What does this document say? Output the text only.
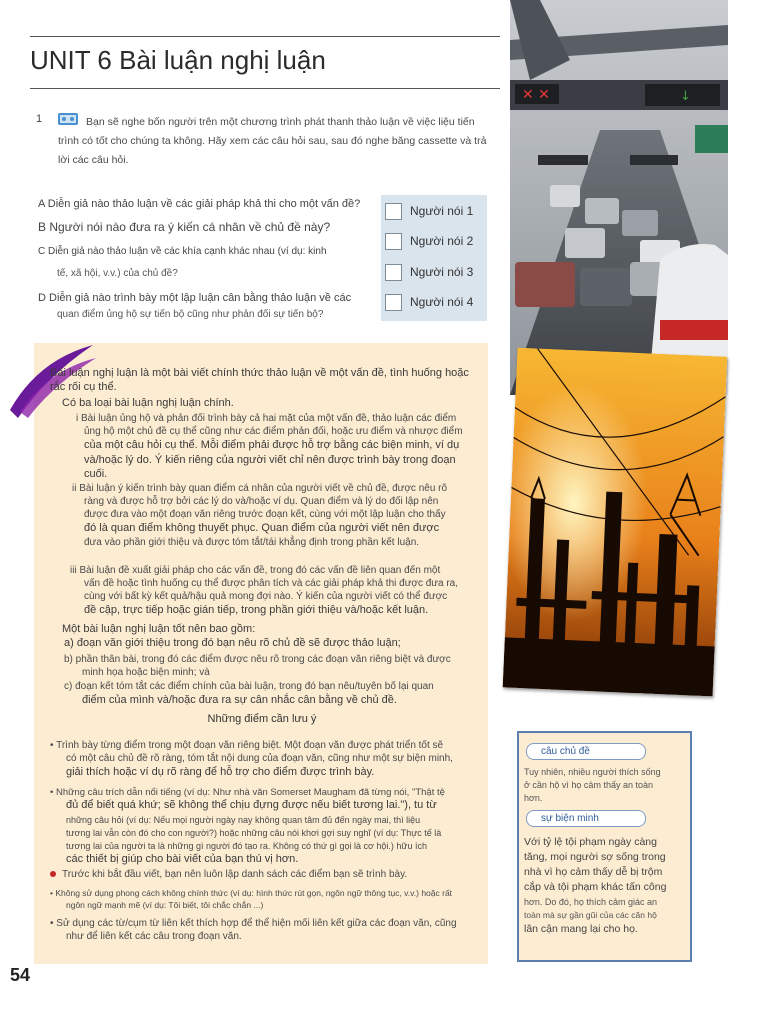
UNIT 6 Bài luận nghị luận
1	Bạn sẽ nghe bốn người trên một chương trình phát thanh thảo luận về việc liệu tiến trình có tốt cho chúng ta không. Hãy xem các câu hỏi sau, sau đó nghe băng cassette và trả lời các câu hỏi.

A Diễn giả nào thảo luận về các giải pháp khả thi cho một vấn đề?
B Người nói nào đưa ra ý kiến cá nhân về chủ đề này?
C Diễn giả nào thảo luận về các khía cạnh khác nhau (ví dụ: kinh
tế, xã hội, v.v.) của chủ đề?
D Diễn giả nào trình bày một lập luận cân bằng thảo luận về các
quan điểm ủng hộ sự tiến bộ cũng như phản đối sự tiến bộ?
Người nói 1
Người nói 2
Người nói 3
Người nói 4
✕ ✕	↓
Bài luận nghị luận là một bài viết chính thức thảo luận về một vấn đề, tình huống hoặc
rắc rối cụ thể.
Có ba loại bài luận nghị luận chính.
i Bài luận ủng hộ và phản đối trình bày cả hai mặt của một vấn đề, thảo luận các điểm
ủng hộ một chủ đề cụ thể cũng như các điểm phản đối, hoặc ưu điểm và nhược điểm
của một câu hỏi cụ thể. Mỗi điểm phải được hỗ trợ bằng các biện minh, ví dụ
và/hoặc lý do. Ý kiến riêng của người viết chỉ nên được trình bày trong đoạn
cuối.
ii Bài luận ý kiến trình bày quan điểm cá nhân của người viết về chủ đề, được nêu rõ
ràng và được hỗ trợ bởi các lý do và/hoặc ví dụ. Quan điểm và lý do đối lập nên
được đưa vào một đoạn văn riêng trước đoạn kết, cùng với một lập luận cho thấy
đó là quan điểm không thuyết phục. Quan điểm của người viết nên được
đưa vào phần giới thiệu và được tóm tắt/tái khẳng định trong phần kết luận.
iii Bài luận đề xuất giải pháp cho các vấn đề, trong đó các vấn đề liên quan đến một
vấn đề hoặc tình huống cụ thể được phân tích và các giải pháp khả thi được đưa ra,
cùng với bất kỳ kết quả/hậu quả mong đợi nào. Ý kiến của người viết có thể được
đề cập, trực tiếp hoặc gián tiếp, trong phần giới thiệu và/hoặc kết luận.
Một bài luận nghị luận tốt nên bao gồm:
a) đoạn văn giới thiệu trong đó bạn nêu rõ chủ đề sẽ được thảo luận;
b) phần thân bài, trong đó các điểm được nêu rõ trong các đoạn văn riêng biệt và được
minh họa hoặc biện minh; và
c) đoạn kết tóm tắt các điểm chính của bài luận, trong đó bạn nêu/tuyên bố lại quan
điểm của mình và/hoặc đưa ra sự cân nhắc cân bằng về chủ đề.
Những điểm cần lưu ý
• Trình bày từng điểm trong một đoạn văn riêng biệt. Một đoạn văn được phát triển tốt sẽ
có một câu chủ đề rõ ràng, tóm tắt nội dung của đoạn văn, cũng như một sự biện minh,
giải thích hoặc ví dụ rõ ràng để hỗ trợ cho điểm được trình bày.
• Những câu trích dẫn nổi tiếng (ví dụ: Như nhà văn Somerset Maugham đã từng nói, "Thật tệ
đủ để biết quá khứ; sẽ không thể chịu đựng được nếu biết tương lai."), tu từ
những câu hỏi (ví dụ: Nếu mọi người ngày nay không quan tâm đủ đến ngày mai, thì liệu
tương lai vẫn còn đó cho con người?) hoặc những câu nói khơi gợi suy nghĩ (ví dụ: Thực tế là
tương lai của người ta là những gì người đó tạo ra. Không có thứ gì gọi là cơ hội.) hữu ích
các thiết bị giúp cho bài viết của bạn thú vị hơn.
Trước khi bắt đầu viết, bạn nên luôn lập danh sách các điểm bạn sẽ trình bày.
• Không sử dụng phong cách không chính thức (ví dụ: hình thức rút gọn, ngôn ngữ thông tục, v.v.) hoặc rất
ngôn ngữ mạnh mẽ (ví dụ: Tôi biết, tôi chắc chắn ...)
• Sử dụng các từ/cụm từ liên kết thích hợp để thể hiện mối liên kết giữa các đoạn văn, cũng
như để liên kết các câu trong đoạn văn.
câu chủ đề
Tuy nhiên, nhiều người thích sống
ở cần hộ vì họ cảm thấy an toàn
hơn.
sự biện minh
Với tỷ lệ tội phạm ngày càng
tăng, mọi người sợ sống trong
nhà vì họ cảm thấy dễ bị trộm
cắp và tội phạm khác tấn công
hơn. Do đó, họ thích cảm giác an
toàn mà sự gần gũi của các căn hộ
lân cận mang lại cho họ.
54
